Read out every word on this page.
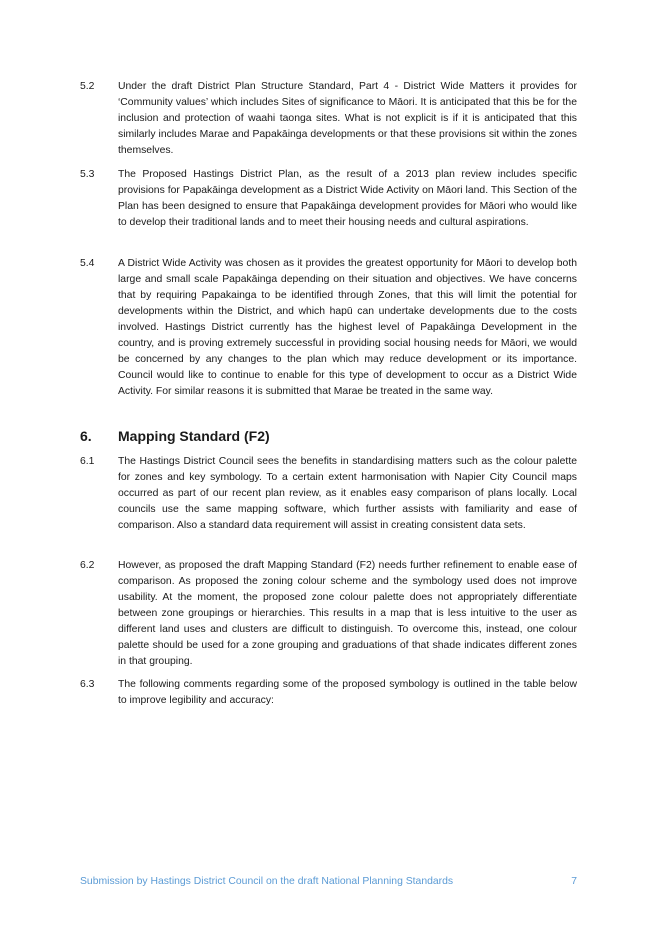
5.2	Under the draft District Plan Structure Standard, Part 4 - District Wide Matters it provides for ‘Community values’ which includes Sites of significance to Māori. It is anticipated that this be for the inclusion and protection of waahi taonga sites. What is not explicit is if it is anticipated that this similarly includes Marae and Papakāinga developments or that these provisions sit within the zones themselves.
5.3	The Proposed Hastings District Plan, as the result of a 2013 plan review includes specific provisions for Papakāinga development as a District Wide Activity on Māori land. This Section of the Plan has been designed to ensure that Papakāinga development provides for Māori who would like to develop their traditional lands and to meet their housing needs and cultural aspirations.
5.4	A District Wide Activity was chosen as it provides the greatest opportunity for Māori to develop both large and small scale Papakāinga depending on their situation and objectives. We have concerns that by requiring Papakainga to be identified through Zones, that this will limit the potential for developments within the District, and which hapū can undertake developments due to the costs involved. Hastings District currently has the highest level of Papakāinga Development in the country, and is proving extremely successful in providing social housing needs for Māori, we would be concerned by any changes to the plan which may reduce development or its importance. Council would like to continue to enable for this type of development to occur as a District Wide Activity. For similar reasons it is submitted that Marae be treated in the same way.
6. Mapping Standard (F2)
6.1	The Hastings District Council sees the benefits in standardising matters such as the colour palette for zones and key symbology. To a certain extent harmonisation with Napier City Council maps occurred as part of our recent plan review, as it enables easy comparison of plans locally. Local councils use the same mapping software, which further assists with familiarity and ease of comparison. Also a standard data requirement will assist in creating consistent data sets.
6.2	However, as proposed the draft Mapping Standard (F2) needs further refinement to enable ease of comparison. As proposed the zoning colour scheme and the symbology used does not improve usability. At the moment, the proposed zone colour palette does not appropriately differentiate between zone groupings or hierarchies. This results in a map that is less intuitive to the user as different land uses and clusters are difficult to distinguish. To overcome this, instead, one colour palette should be used for a zone grouping and graduations of that shade indicates different zones in that grouping.
6.3	The following comments regarding some of the proposed symbology is outlined in the table below to improve legibility and accuracy:
Submission by Hastings District Council on the draft National Planning Standards	7
